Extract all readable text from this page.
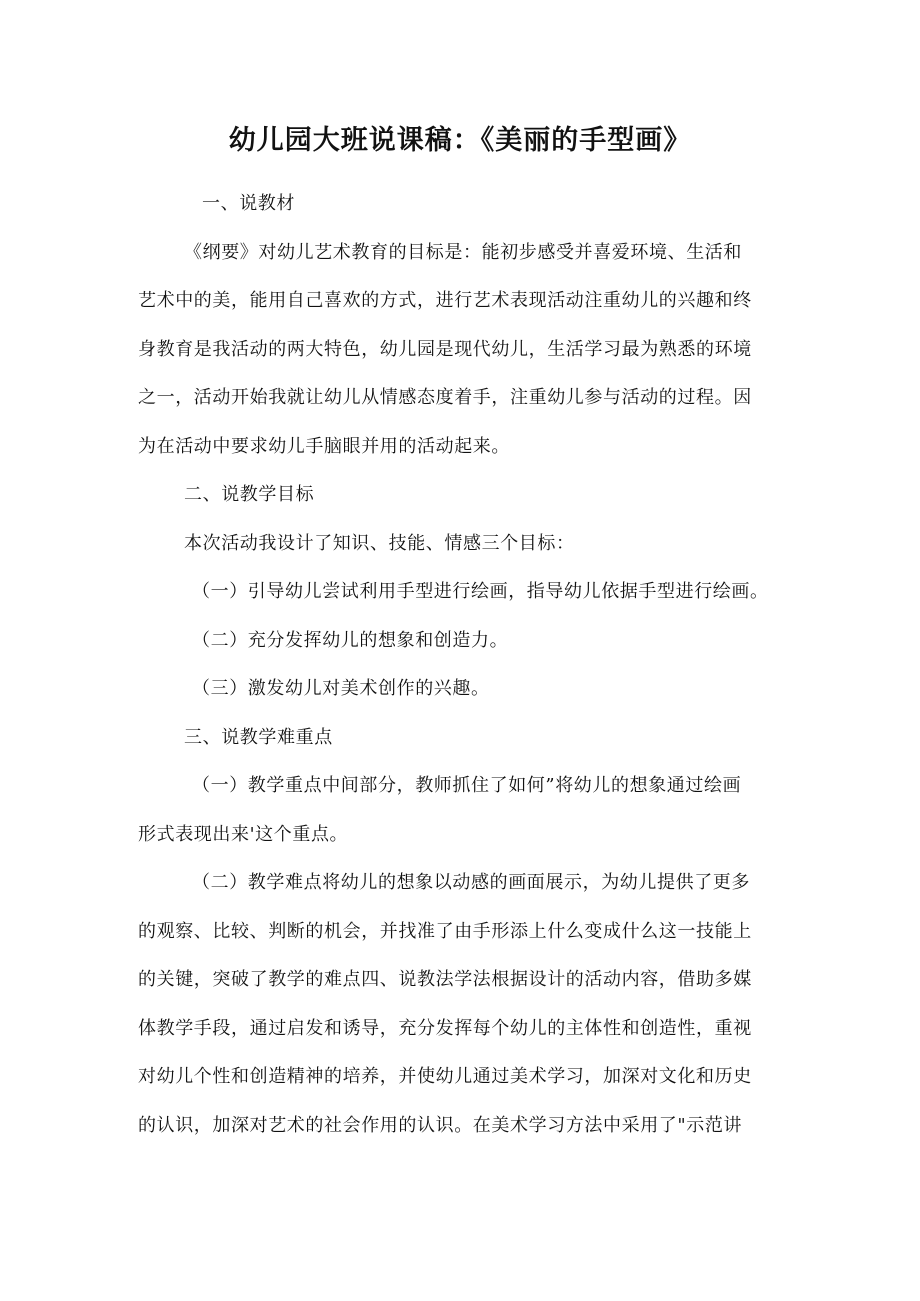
幼儿园大班说课稿：《美丽的手型画》
一、说教材
《纲要》对幼儿艺术教育的目标是：能初步感受并喜爱环境、生活和
艺术中的美，能用自己喜欢的方式，进行艺术表现活动注重幼儿的兴趣和终
身教育是我活动的两大特色，幼儿园是现代幼儿，生活学习最为熟悉的环境
之一，活动开始我就让幼儿从情感态度着手，注重幼儿参与活动的过程。因
为在活动中要求幼儿手脑眼并用的活动起来。
二、说教学目标
本次活动我设计了知识、技能、情感三个目标：
（一）引导幼儿尝试利用手型进行绘画，指导幼儿依据手型进行绘画。
（二）充分发挥幼儿的想象和创造力。
（三）激发幼儿对美术创作的兴趣。
三、说教学难重点
（一）教学重点中间部分，教师抓住了如何”将幼儿的想象通过绘画
形式表现出来'这个重点。
（二）教学难点将幼儿的想象以动感的画面展示，为幼儿提供了更多
的观察、比较、判断的机会，并找准了由手形添上什么变成什么这一技能上
的关键，突破了教学的难点四、说教法学法根据设计的活动内容，借助多媒
体教学手段，通过启发和诱导，充分发挥每个幼儿的主体性和创造性，重视
对幼儿个性和创造精神的培养，并使幼儿通过美术学习，加深对文化和历史
的认识，加深对艺术的社会作用的认识。在美术学习方法中采用了"示范讲
